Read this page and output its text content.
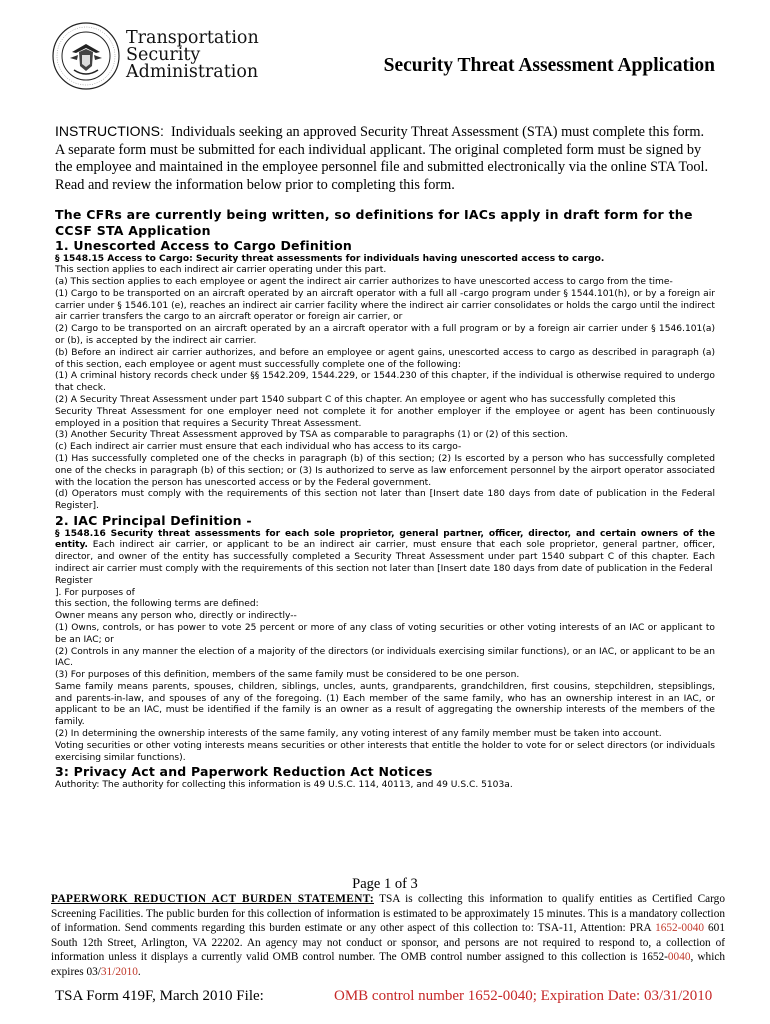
Transportation
Security
Administration	Security Threat Assessment Application
INSTRUCTIONS: Individuals seeking an approved Security Threat Assessment (STA) must complete this form. A separate form must be submitted for each individual applicant. The original completed form must be signed by the employee and maintained in the employee personnel file and submitted electronically via the online STA Tool.
Read and review the information below prior to completing this form.
The CFRs are currently being written, so definitions for IACs apply in draft form for the CCSF STA Application
1. Unescorted Access to Cargo Definition
§ 1548.15 Access to Cargo: Security threat assessments for individuals having unescorted access to cargo.
This section applies to each indirect air carrier operating under this part.
(a) This section applies to each employee or agent the indirect air carrier authorizes to have unescorted access to cargo from the time-
(1) Cargo to be transported on an aircraft operated by an aircraft operator with a full all -cargo program under § 1544.101(h), or by a foreign air carrier under § 1546.101 (e), reaches an indirect air carrier facility where the indirect air carrier consolidates or holds the cargo until the indirect air carrier transfers the cargo to an aircraft operator or foreign air carrier, or
(2) Cargo to be transported on an aircraft operated by an a aircraft operator with a full program or by a foreign air carrier under § 1546.101(a) or (b), is accepted by the indirect air carrier.
(b) Before an indirect air carrier authorizes, and before an employee or agent gains, unescorted access to cargo as described in paragraph (a) of this section, each employee or agent must successfully complete one of the following:
(1) A criminal history records check under §§ 1542.209, 1544.229, or 1544.230 of this chapter, if the individual is otherwise required to undergo that check.
(2) A Security Threat Assessment under part 1540 subpart C of this chapter. An employee or agent who has successfully completed this
Security Threat Assessment for one employer need not complete it for another employer if the employee or agent has been continuously employed in a position that requires a Security Threat Assessment.
(3) Another Security Threat Assessment approved by TSA as comparable to paragraphs (1) or (2) of this section.
(c) Each indirect air carrier must ensure that each individual who has access to its cargo-
(1) Has successfully completed one of the checks in paragraph (b) of this section; (2) Is escorted by a person who has successfully completed one of the checks in paragraph (b) of this section; or (3) Is authorized to serve as law enforcement personnel by the airport operator associated with the location the person has unescorted access or by the Federal government.
(d) Operators must comply with the requirements of this section not later than [Insert date 180 days from date of publication in the Federal Register].
2. IAC Principal Definition -
§ 1548.16 Security threat assessments for each sole proprietor, general partner, officer, director, and certain owners of the entity. Each indirect air carrier, or applicant to be an indirect air carrier, must ensure that each sole proprietor, general partner, officer, director, and owner of the entity has successfully completed a Security Threat Assessment under part 1540 subpart C of this chapter. Each indirect air carrier must comply with the requirements of this section not later than [Insert date 180 days from date of publication in the Federal
Register
]. For purposes of
this section, the following terms are defined:
Owner means any person who, directly or indirectly--
(1) Owns, controls, or has power to vote 25 percent or more of any class of voting securities or other voting interests of an IAC or applicant to be an IAC; or
(2) Controls in any manner the election of a majority of the directors (or individuals exercising similar functions), or an IAC, or applicant to be an IAC.
(3) For purposes of this definition, members of the same family must be considered to be one person.
Same family means parents, spouses, children, siblings, uncles, aunts, grandparents, grandchildren, first cousins, stepchildren, stepsiblings, and parents-in-law, and spouses of any of the foregoing. (1) Each member of the same family, who has an ownership interest in an IAC, or applicant to be an IAC, must be identified if the family is an owner as a result of aggregating the ownership interests of the members of the family.
(2) In determining the ownership interests of the same family, any voting interest of any family member must be taken into account.
Voting securities or other voting interests means securities or other interests that entitle the holder to vote for or select directors (or individuals exercising similar functions).
3: Privacy Act and Paperwork Reduction Act Notices
Authority: The authority for collecting this information is 49 U.S.C. 114, 40113, and 49 U.S.C. 5103a.
Page 1 of 3
PAPERWORK REDUCTION ACT BURDEN STATEMENT: TSA is collecting this information to qualify entities as Certified Cargo Screening Facilities. The public burden for this collection of information is estimated to be approximately 15 minutes. This is a mandatory collection of information. Send comments regarding this burden estimate or any other aspect of this collection to: TSA-11, Attention: PRA 1652-0040 601 South 12th Street, Arlington, VA 22202. An agency may not conduct or sponsor, and persons are not required to respond to, a collection of information unless it displays a currently valid OMB control number. The OMB control number assigned to this collection is 1652-0040, which expires 03/31/2010.
TSA Form 419F, March 2010 File:	OMB control number 1652-0040; Expiration Date: 03/31/2010
